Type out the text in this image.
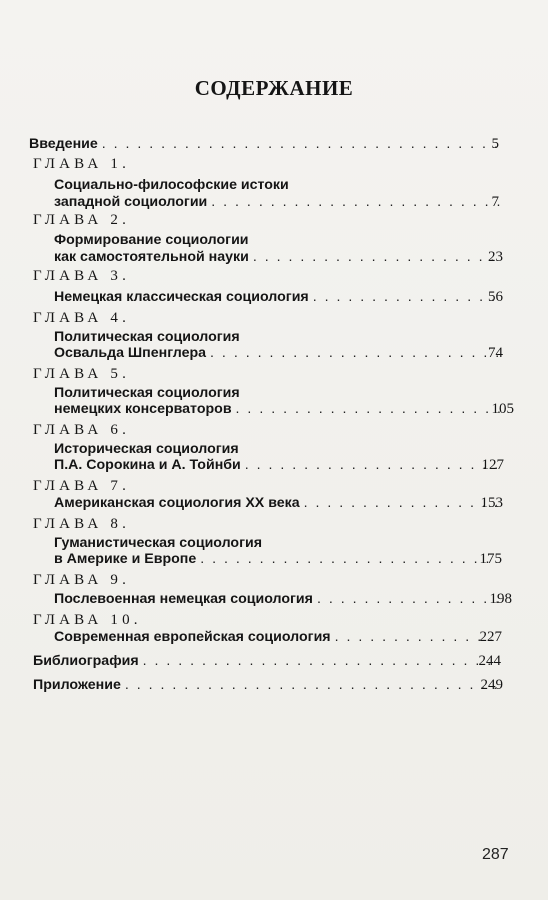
СОДЕРЖАНИЕ
Введение . . .	5
ГЛАВА 1.
Социально-философские истоки
западной социологии . . .	7
ГЛАВА 2.
Формирование социологии
как самостоятельной науки . . .	23
ГЛАВА 3.
Немецкая классическая социология . . .	56
ГЛАВА 4.
Политическая социология
Освальда Шпенглера . . .	74
ГЛАВА 5.
Политическая социология
немецких консерваторов . . .	105
ГЛАВА 6.
Историческая социология
П.А. Сорокина и А. Тойнби . . .	127
ГЛАВА 7.
Американская социология XX века . . .	153
ГЛАВА 8.
Гуманистическая социология
в Америке и Европе . . .	175
ГЛАВА 9.
Послевоенная немецкая социология . . .	198
ГЛАВА 10.
Современная европейская социология . . .	227
Библиография . . .	244
Приложение . . .	249
287
